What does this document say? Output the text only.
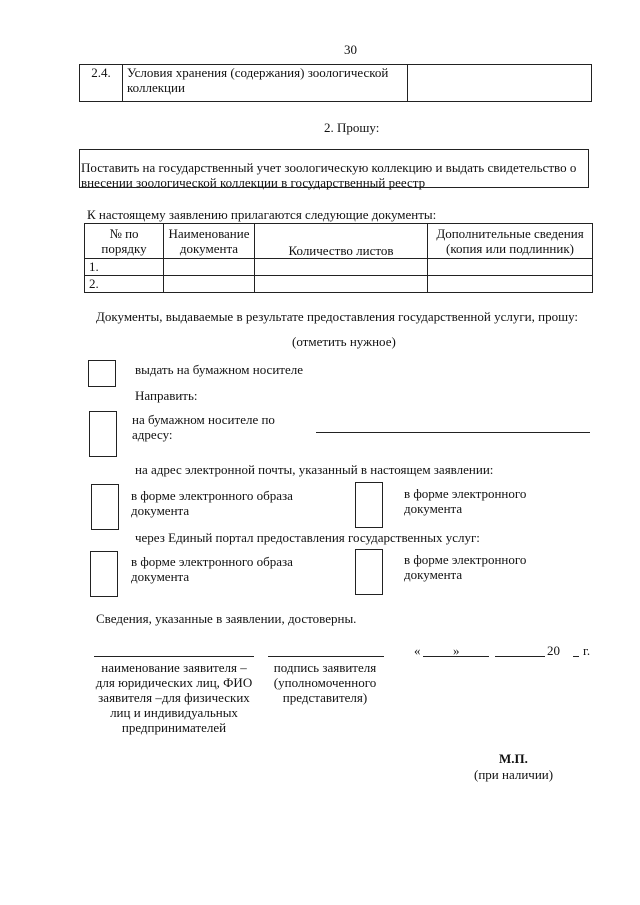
30
2.4.	Условия хранения (содержания) зоологической коллекции	
2. Прошу:
Поставить на государственный учет зоологическую коллекцию и выдать свидетельство о внесении зоологической коллекции в государственный реестр
К настоящему заявлению прилагаются следующие документы:
№ по порядку	Наименование документа	Количество листов	Дополнительные сведения (копия или подлинник)
1.			
2.			
Документы, выдаваемые в результате предоставления государственной услуги, прошу:
(отметить нужное)
выдать на бумажном носителе
Направить:
на бумажном носителе по адресу:
на адрес электронной почты, указанный в настоящем заявлении:
в форме электронного образа документа
в форме электронного документа
через Единый портал предоставления государственных услуг:
в форме электронного образа документа
в форме электронного документа
Сведения, указанные в заявлении, достоверны.
«	»	20 г.
наименование заявителя – для юридических лиц, ФИО заявителя –для физических лиц и индивидуальных предпринимателей
подпись заявителя (уполномоченного представителя)
М.П.
(при наличии)
